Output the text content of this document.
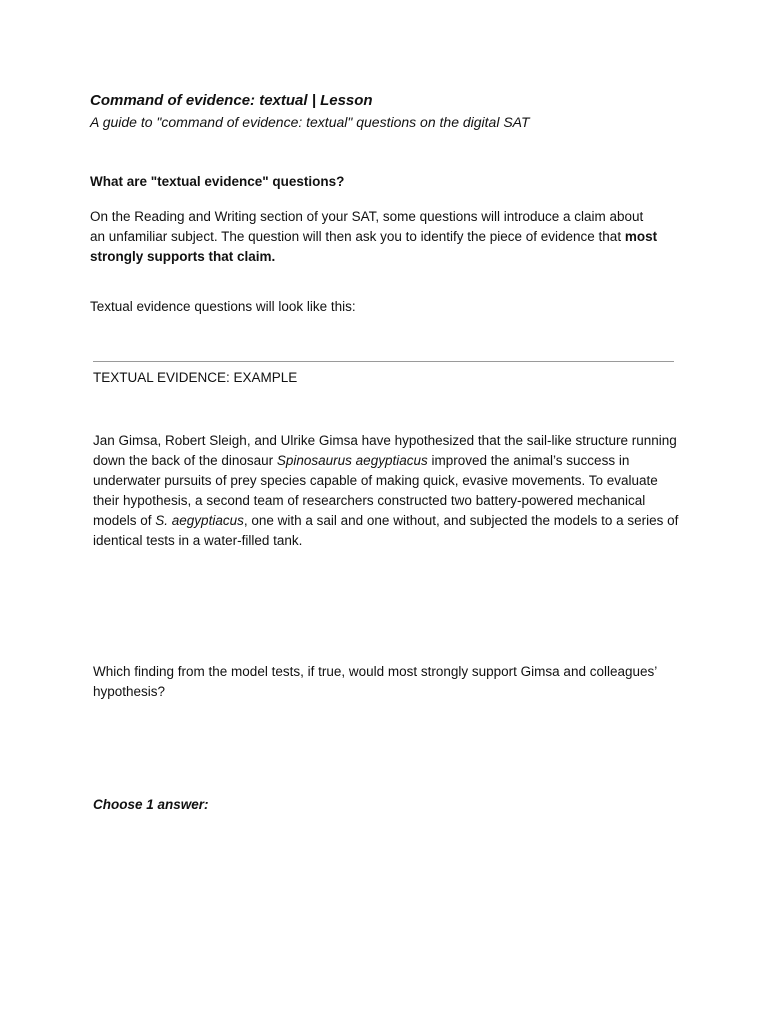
Command of evidence: textual | Lesson
A guide to "command of evidence: textual" questions on the digital SAT
What are "textual evidence" questions?
On the Reading and Writing section of your SAT, some questions will introduce a claim about an unfamiliar subject. The question will then ask you to identify the piece of evidence that most strongly supports that claim.
Textual evidence questions will look like this:
TEXTUAL EVIDENCE: EXAMPLE
Jan Gimsa, Robert Sleigh, and Ulrike Gimsa have hypothesized that the sail-like structure running down the back of the dinosaur Spinosaurus aegyptiacus improved the animal’s success in underwater pursuits of prey species capable of making quick, evasive movements. To evaluate their hypothesis, a second team of researchers constructed two battery-powered mechanical models of S. aegyptiacus, one with a sail and one without, and subjected the models to a series of identical tests in a water-filled tank.
Which finding from the model tests, if true, would most strongly support Gimsa and colleagues’ hypothesis?
Choose 1 answer:
